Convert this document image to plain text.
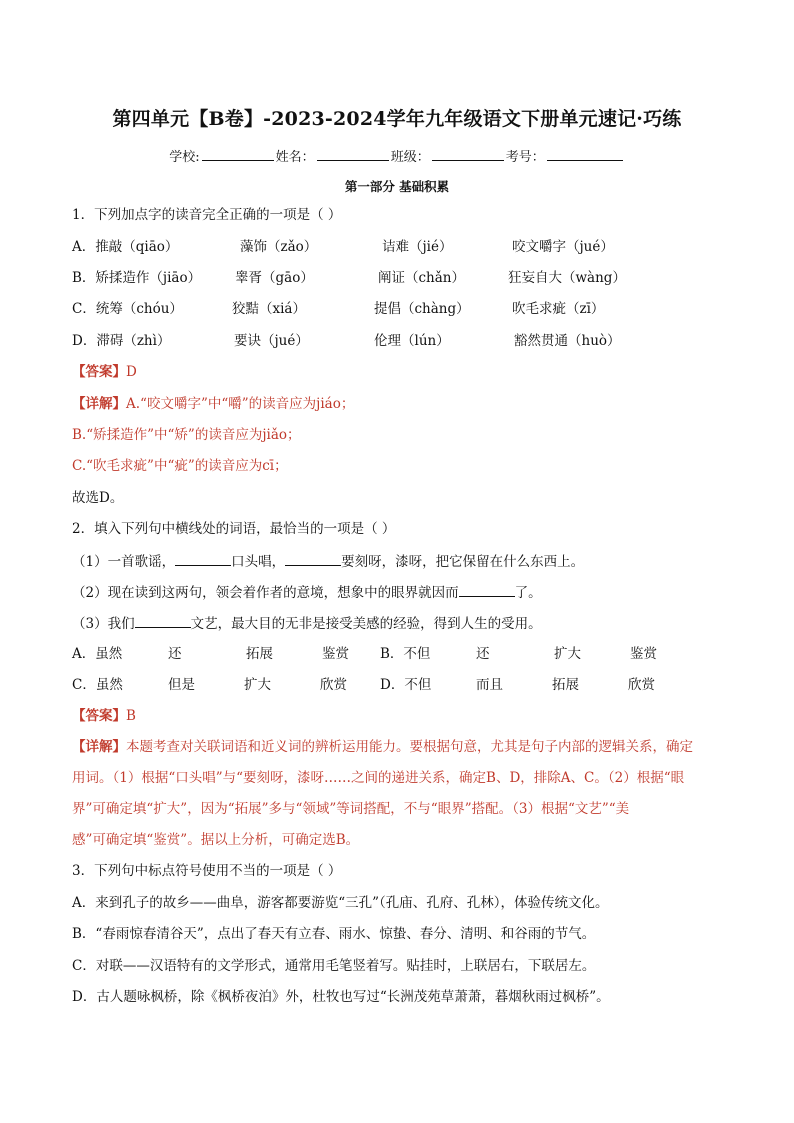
第四单元【B卷】-2023-2024学年九年级语文下册单元速记·巧练
学校:	姓名：	班级：	考号：
第一部分 基础积累
1．下列加点字的读音完全正确的一项是（ ）
A．推敲（qiāo）	藻饰（zǎo）	诘难（jié）	咬文嚼字（jué）
B．矫揉造作（jiāo）	睾胥（gāo）	阐证（chǎn）	狂妄自大（wàng）
C．统筹（chóu）	狡黠（xiá）	提倡（chàng）	吹毛求疵（zī）
D．滞碍（zhì）	要诀（jué）	伦理（lún）	豁然贯通（huò）
【答案】D
【详解】A.“咬文嚼字”中“嚼”的读音应为jiáo；
B.“矫揉造作”中“矫”的读音应为jiǎo；
C.“吹毛求疵”中“疵”的读音应为cī；
故选D。
2．填入下列句中横线处的词语，最恰当的一项是（ ）
（1）一首歌谣，	口头唱，	要刻呀，漆呀，把它保留在什么东西上。
（2）现在读到这两句，领会着作者的意境，想象中的眼界就因而	了。
（3）我们	文艺，最大目的无非是接受美感的经验，得到人生的受用。
A．虽然	还	拓展	鉴赏 B．不但	还	扩大	鉴赏
C．虽然	但是	扩大	欣赏 D．不但	而且	拓展	欣赏
【答案】B
【详解】本题考查对关联词语和近义词的辨析运用能力。要根据句意，尤其是句子内部的逻辑关系，确定
用词。（1）根据“口头唱”与“要刻呀，漆呀……之间的递进关系，确定B、D，排除A、C。（2）根据“眼
界”可确定填“扩大”，因为“拓展”多与“领域”等词搭配，不与“眼界”搭配。（3）根据“文艺”“美
感”可确定填“鉴赏”。据以上分析，可确定选B。
3．下列句中标点符号使用不当的一项是（ ）
A．来到孔子的故乡——曲阜，游客都要游览“三孔”（孔庙、孔府、孔林），体验传统文化。
B．“春雨惊春清谷天”，点出了春天有立春、雨水、惊蛰、春分、清明、和谷雨的节气。
C．对联——汉语特有的文学形式，通常用毛笔竖着写。贴挂时，上联居右，下联居左。
D．古人题咏枫桥，除《枫桥夜泊》外，杜牧也写过“长洲茂苑草萧萧，暮烟秋雨过枫桥”。
